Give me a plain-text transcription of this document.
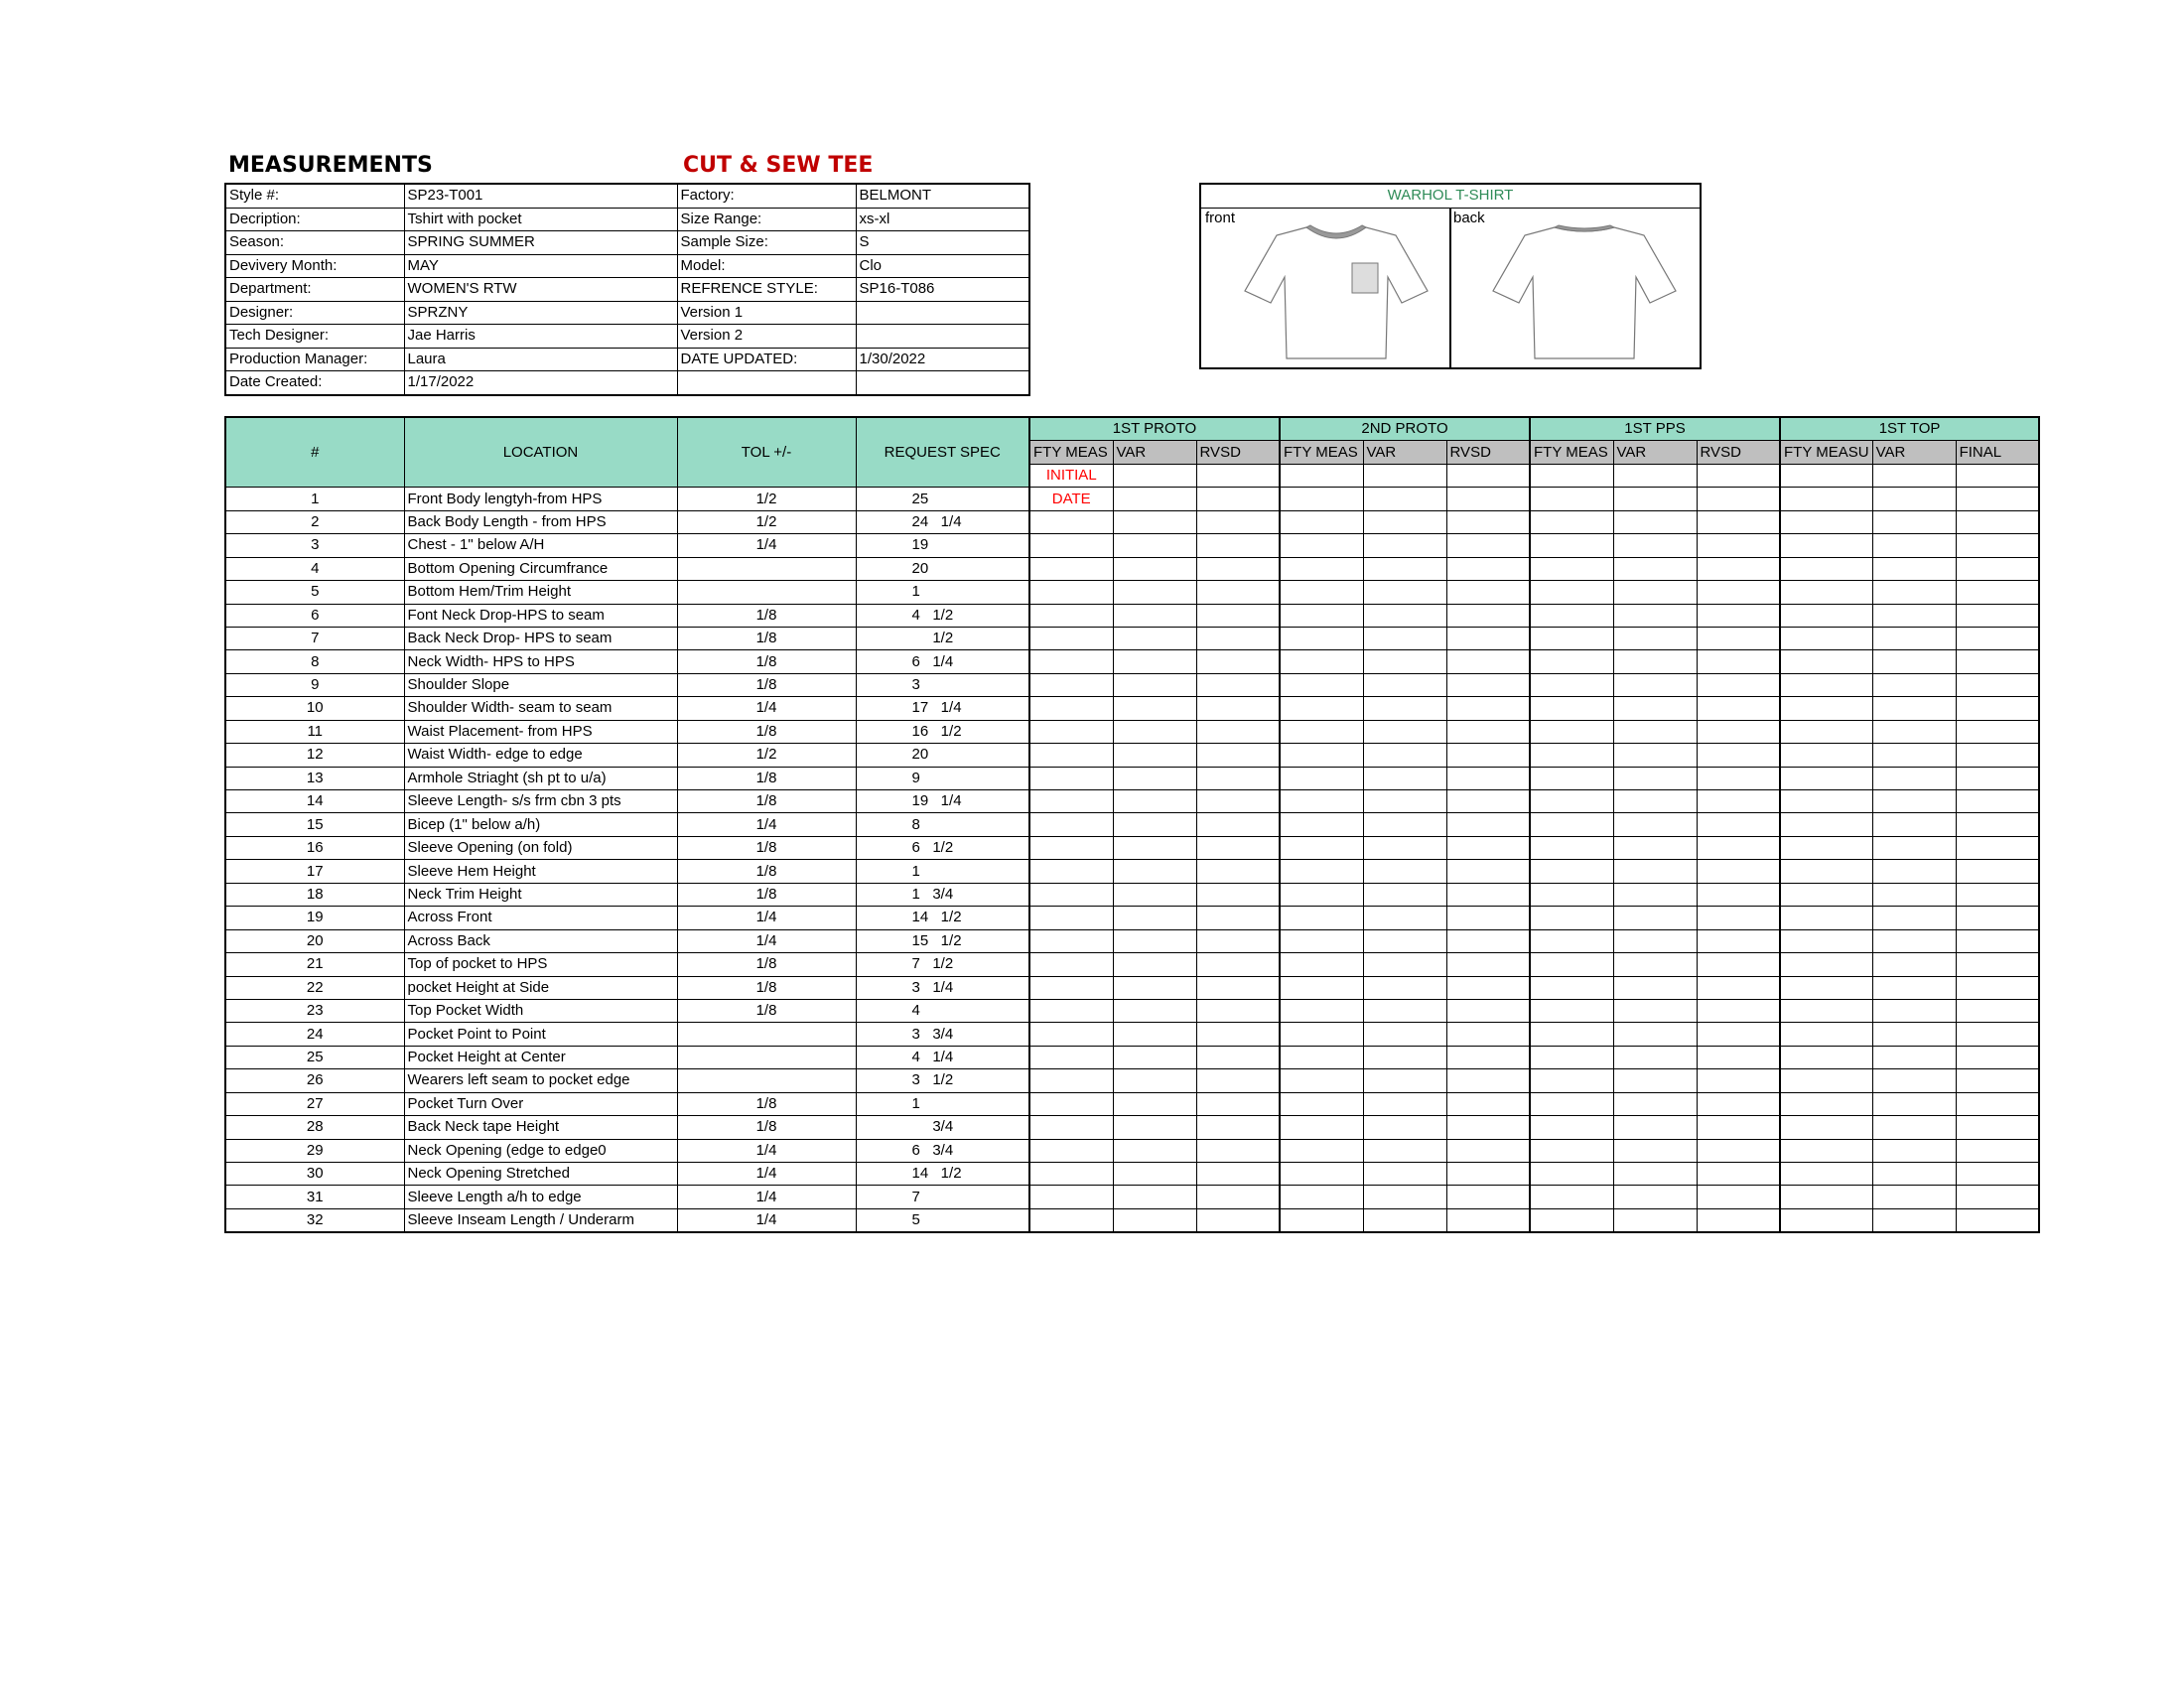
MEASUREMENTS	CUT & SEW TEE
Style #:	SP23-T001	Factory:	BELMONT
Decription:	Tshirt with pocket	Size Range:	xs-xl
Season:	SPRING SUMMER	Sample Size:	S
Devivery Month:	MAY	Model:	Clo
Department:	WOMEN'S RTW	REFRENCE STYLE:	SP16-T086
Designer:	SPRZNY	Version 1	
Tech Designer:	Jae Harris	Version 2	
Production Manager:	Laura	DATE UPDATED:	1/30/2022
Date Created:	1/17/2022		
WARHOL T-SHIRT
front	back
#	LOCATION	TOL +/-	REQUEST SPEC	1ST PROTO			2ND PROTO			1ST PPS			1ST TOP		
				FTY MEAS	VAR	RVSD	FTY MEAS	VAR	RVSD	FTY MEAS	VAR	RVSD	FTY MEASU	VAR	FINAL
				INITIAL											
1	Front Body lengtyh-from HPS	1/2	25	DATE											
2	Back Body Length - from HPS	1/2	24   1/4												
3	Chest - 1" below A/H	1/4	19												
4	Bottom Opening Circumfrance		20												
5	Bottom Hem/Trim Height		1												
6	Font Neck Drop-HPS to seam	1/8	4   1/2												
7	Back Neck Drop- HPS to seam	1/8	1/2												
8	Neck Width- HPS to HPS	1/8	6   1/4												
9	Shoulder Slope	1/8	3												
10	Shoulder Width- seam to seam	1/4	17   1/4												
11	Waist Placement- from HPS	1/8	16   1/2												
12	Waist Width- edge to edge	1/2	20												
13	Armhole Striaght (sh pt to u/a)	1/8	9												
14	Sleeve Length- s/s frm cbn 3 pts	1/8	19   1/4												
15	Bicep (1" below a/h)	1/4	8												
16	Sleeve Opening (on fold)	1/8	6   1/2												
17	Sleeve Hem Height	1/8	1												
18	Neck Trim Height	1/8	1   3/4												
19	Across Front	1/4	14   1/2												
20	Across Back	1/4	15   1/2												
21	Top of pocket to HPS	1/8	7   1/2												
22	pocket Height at Side	1/8	3   1/4												
23	Top Pocket Width	1/8	4												
24	Pocket Point to Point		3   3/4												
25	Pocket Height at Center		4   1/4												
26	Wearers left seam to pocket edge		3   1/2												
27	Pocket Turn Over	1/8	1												
28	Back Neck tape Height	1/8	3/4												
29	Neck Opening (edge to edge0	1/4	6   3/4												
30	Neck Opening Stretched	1/4	14   1/2												
31	Sleeve Length a/h to edge	1/4	7												
32	Sleeve Inseam Length / Underarm	1/4	5												
